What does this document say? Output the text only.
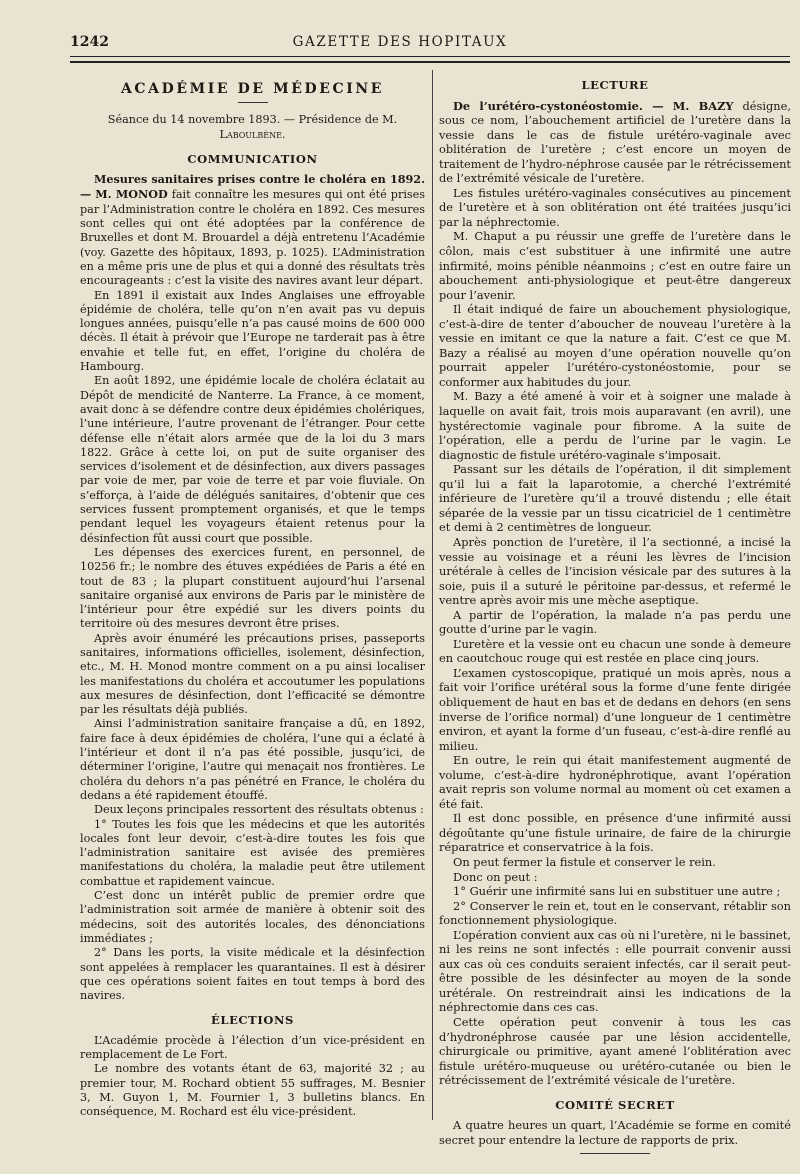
1242	GAZETTE DES HOPITAUX
ACADÉMIE DE MÉDECINE
Séance du 14 novembre 1893. — Présidence de M. Laboulbène.
COMMUNICATION

Mesures sanitaires prises contre le choléra en 1892. — M. MONOD fait connaître les mesures qui ont été prises par l’Administration contre le choléra en 1892. Ces mesures sont celles qui ont été adoptées par la conférence de Bruxelles et dont M. Brouardel a déjà entretenu l’Académie (voy. Gazette des hôpitaux, 1893, p. 1025). L’Administration en a même pris une de plus et qui a donné des résultats très encourageants : c’est la visite des navires avant leur départ.

En 1891 il existait aux Indes Anglaises une effroyable épidémie de choléra, telle qu’on n’en avait pas vu depuis longues années, puisqu’elle n’a pas causé moins de 600 000 décès. Il était à prévoir que l’Europe ne tarderait pas à être envahie et telle fut, en effet, l’origine du choléra de Hambourg.

En août 1892, une épidémie locale de choléra éclatait au Dépôt de mendicité de Nanterre. La France, à ce moment, avait donc à se défendre contre deux épidémies cholériques, l’une intérieure, l’autre provenant de l’étranger. Pour cette défense elle n’était alors armée que de la loi du 3 mars 1822. Grâce à cette loi, on put de suite organiser des services d’isolement et de désinfection, aux divers passages par voie de mer, par voie de terre et par voie fluviale. On s’efforça, à l’aide de délégués sanitaires, d’obtenir que ces services fussent promptement organisés, et que le temps pendant lequel les voyageurs étaient retenus pour la désinfection fût aussi court que possible.

Les dépenses des exercices furent, en personnel, de 10256 fr.; le nombre des étuves expédiées de Paris a été en tout de 83 ; la plupart constituent aujourd’hui l’arsenal sanitaire organisé aux environs de Paris par le ministère de l’intérieur pour être expédié sur les divers points du territoire où des mesures devront être prises.

Après avoir énuméré les précautions prises, passeports sanitaires, informations officielles, isolement, désinfection, etc., M. H. Monod montre comment on a pu ainsi localiser les manifestations du choléra et accoutumer les populations aux mesures de désinfection, dont l’efficacité se démontre par les résultats déjà publiés.

Ainsi l’administration sanitaire française a dû, en 1892, faire face à deux épidémies de choléra, l’une qui a éclaté à l’intérieur et dont il n’a pas été possible, jusqu’ici, de déterminer l’origine, l’autre qui menaçait nos frontières. Le choléra du dehors n’a pas pénétré en France, le choléra du dedans a été rapidement étouffé.

Deux leçons principales ressortent des résultats obtenus :

1° Toutes les fois que les médecins et que les autorités locales font leur devoir, c’est-à-dire toutes les fois que l’administration sanitaire est avisée des premières manifestations du choléra, la maladie peut être utilement combattue et rapidement vaincue.

C’est donc un intérêt public de premier ordre que l’administration soit armée de manière à obtenir soit des médecins, soit des autorités locales, des dénonciations immédiates ;

2° Dans les ports, la visite médicale et la désinfection sont appelées à remplacer les quarantaines. Il est à désirer que ces opérations soient faites en tout temps à bord des navires.

ÉLECTIONS

L’Académie procède à l’élection d’un vice-président en remplacement de Le Fort.

Le nombre des votants étant de 63, majorité 32 ; au premier tour, M. Rochard obtient 55 suffrages, M. Besnier 3, M. Guyon 1, M. Fournier 1, 3 bulletins blancs. En conséquence, M. Rochard est élu vice-président.

LECTURE

De l’urétéro-cystonéostomie. — M. BAZY désigne, sous ce nom, l’abouchement artificiel de l’uretère dans la vessie dans le cas de fistule urétéro-vaginale avec oblitération de l’uretère ; c’est encore un moyen de traitement de l’hydro-néphrose causée par le rétrécissement de l’extrémité vésicale de l’uretère.

Les fistules urétéro-vaginales consécutives au pincement de l’uretère et à son oblitération ont été traitées jusqu’ici par la néphrectomie.

M. Chaput a pu réussir une greffe de l’uretère dans le côlon, mais c’est substituer à une infirmité une autre infirmité, moins pénible néanmoins ; c’est en outre faire un abouchement anti-physiologique et peut-être dangereux pour l’avenir.

Il était indiqué de faire un abouchement physiologique, c’est-à-dire de tenter d’aboucher de nouveau l’uretère à la vessie en imitant ce que la nature a fait. C’est ce que M. Bazy a réalisé au moyen d’une opération nouvelle qu’on pourrait appeler l’urétéro-cystonéostomie, pour se conformer aux habitudes du jour.

M. Bazy a été amené à voir et à soigner une malade à laquelle on avait fait, trois mois auparavant (en avril), une hystérectomie vaginale pour fibrome. A la suite de l’opération, elle a perdu de l’urine par le vagin. Le diagnostic de fistule urétéro-vaginale s’imposait.

Passant sur les détails de l’opération, il dit simplement qu’il lui a fait la laparotomie, a cherché l’extrémité inférieure de l’uretère qu’il a trouvé distendu ; elle était séparée de la vessie par un tissu cicatriciel de 1 centimètre et demi à 2 centimètres de longueur.

Après ponction de l’uretère, il l’a sectionné, a incisé la vessie au voisinage et a réuni les lèvres de l’incision urétérale à celles de l’incision vésicale par des sutures à la soie, puis il a suturé le péritoine par-dessus, et refermé le ventre après avoir mis une mèche aseptique.

A partir de l’opération, la malade n’a pas perdu une goutte d’urine par le vagin.

L’uretère et la vessie ont eu chacun une sonde à demeure en caoutchouc rouge qui est restée en place cinq jours.

L’examen cystoscopique, pratiqué un mois après, nous a fait voir l’orifice urétéral sous la forme d’une fente dirigée obliquement de haut en bas et de dedans en dehors (en sens inverse de l’orifice normal) d’une longueur de 1 centimètre environ, et ayant la forme d’un fuseau, c’est-à-dire renflé au milieu.

En outre, le rein qui était manifestement augmenté de volume, c’est-à-dire hydronéphrotique, avant l’opération avait repris son volume normal au moment où cet examen a été fait.

Il est donc possible, en présence d’une infirmité aussi dégoûtante qu’une fistule urinaire, de faire de la chirurgie réparatrice et conservatrice à la fois.

On peut fermer la fistule et conserver le rein.

Donc on peut :

1° Guérir une infirmité sans lui en substituer une autre ;

2° Conserver le rein et, tout en le conservant, rétablir son fonctionnement physiologique.

L’opération convient aux cas où ni l’uretère, ni le bassinet, ni les reins ne sont infectés : elle pourrait convenir aussi aux cas où ces conduits seraient infectés, car il serait peut-être possible de les désinfecter au moyen de la sonde urétérale. On restreindrait ainsi les indications de la néphrectomie dans ces cas.

Cette opération peut convenir à tous les cas d’hydronéphrose causée par une lésion accidentelle, chirurgicale ou primitive, ayant amené l’oblitération avec fistule urétéro-muqueuse ou urétéro-cutanée ou bien le rétrécissement de l’extrémité vésicale de l’uretère.

COMITÉ SECRET

A quatre heures un quart, l’Académie se forme en comité secret pour entendre la lecture de rapports de prix.
